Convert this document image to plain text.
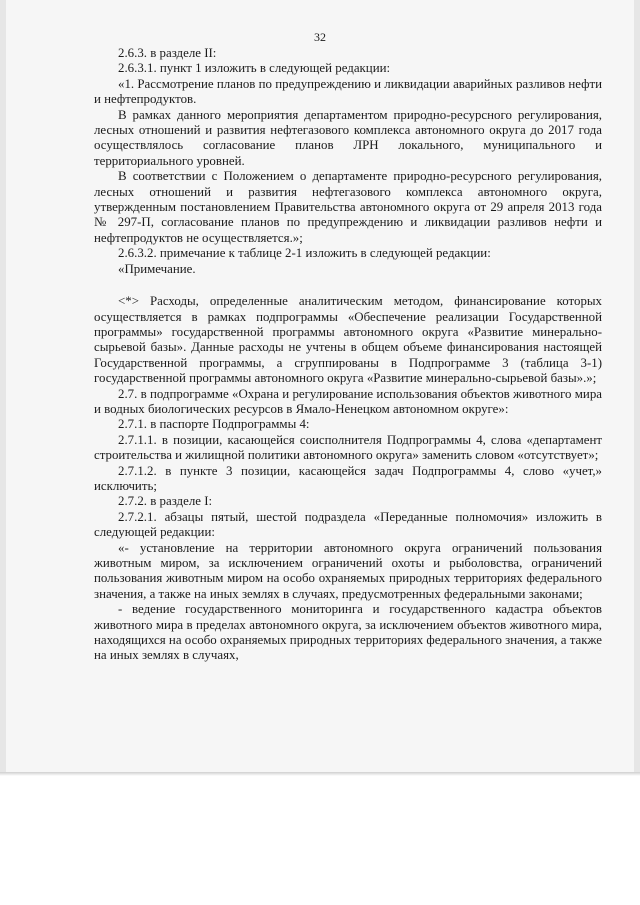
32

2.6.3. в разделе II:

2.6.3.1. пункт 1 изложить в следующей редакции:

«1. Рассмотрение планов по предупреждению и ликвидации аварийных разливов нефти и нефтепродуктов.

В рамках данного мероприятия департаментом природно-ресурсного регулирования, лесных отношений и развития нефтегазового комплекса автономного округа до 2017 года осуществлялось согласование планов ЛРН локального, муниципального и территориального уровней.

В соответствии с Положением о департаменте природно-ресурсного регулирования, лесных отношений и развития нефтегазового комплекса автономного округа, утвержденным постановлением Правительства автономного округа от 29 апреля 2013 года № 297-П, согласование планов по предупреждению и ликвидации разливов нефти и нефтепродуктов не осуществляется.»;

2.6.3.2. примечание к таблице 2-1 изложить в следующей редакции:

«Примечание.

<*> Расходы, определенные аналитическим методом, финансирование которых осуществляется в рамках подпрограммы «Обеспечение реализации Государственной программы» государственной программы автономного округа «Развитие минерально-сырьевой базы». Данные расходы не учтены в общем объеме финансирования настоящей Государственной программы, а сгруппированы в Подпрограмме 3 (таблица 3-1) государственной программы автономного округа «Развитие минерально-сырьевой базы».»;

2.7. в подпрограмме «Охрана и регулирование использования объектов животного мира и водных биологических ресурсов в Ямало-Ненецком автономном округе»:

2.7.1. в паспорте Подпрограммы 4:

2.7.1.1. в позиции, касающейся соисполнителя Подпрограммы 4, слова «департамент строительства и жилищной политики автономного округа» заменить словом «отсутствует»;

2.7.1.2. в пункте 3 позиции, касающейся задач Подпрограммы 4, слово «учет,» исключить;

2.7.2. в разделе I:

2.7.2.1. абзацы пятый, шестой подраздела «Переданные полномочия» изложить в следующей редакции:

«- установление на территории автономного округа ограничений пользования животным миром, за исключением ограничений охоты и рыболовства, ограничений пользования животным миром на особо охраняемых природных территориях федерального значения, а также на иных землях в случаях, предусмотренных федеральными законами;

- ведение государственного мониторинга и государственного кадастра объектов животного мира в пределах автономного округа, за исключением объектов животного мира, находящихся на особо охраняемых природных территориях федерального значения, а также на иных землях в случаях,
